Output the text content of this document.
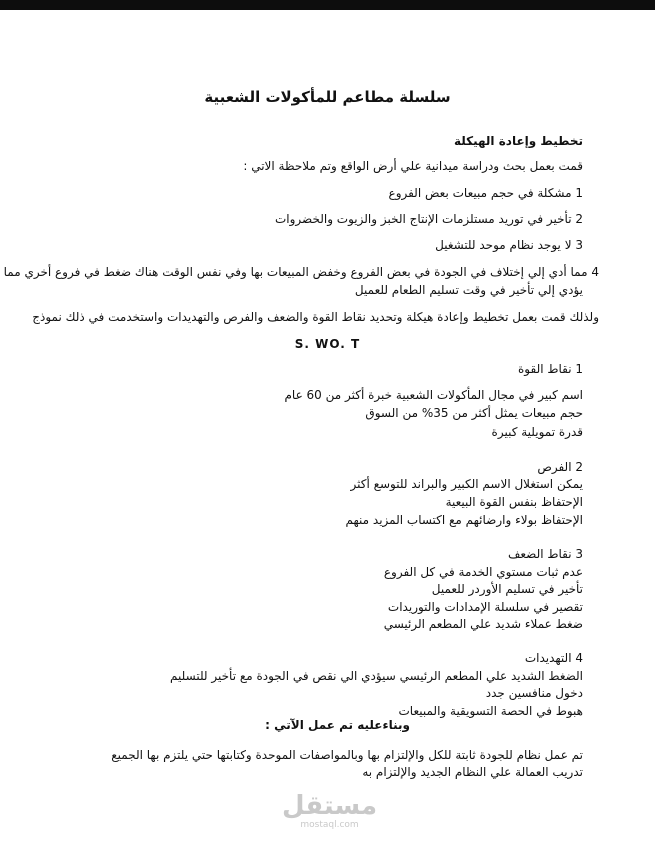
سلسلة مطاعم للمأكولات الشعبية
تخطيط وإعادة الهيكلة
قمت بعمل بحث ودراسة ميدانية علي أرض الواقع وتم ملاحظة الاتي :
1 مشكلة في حجم مبيعات بعض الفروع
2 تأخير في توريد مستلزمات الإنتاج الخبز والزيوت والخضروات
3 لا يوجد نظام موحد للتشغيل
4 مما أدي إلي إختلاف في الجودة في بعض الفروع وخفض المبيعات بها وفي نفس الوقت هناك ضغط في فروع أخري مما
يؤدي إلي تأخير في وقت تسليم الطعام للعميل
ولذلك قمت بعمل تخطيط وإعادة هيكلة وتحديد نقاط القوة والضعف والفرص والتهديدات واستخدمت في ذلك نموذج
S. WO. T
1 نقاط القوة
اسم كبير في مجال المأكولات الشعبية خبرة أكثر من 60 عام
حجم مبيعات يمثل أكثر من 35% من السوق
قدرة تمويلية كبيرة
2 الفرص
يمكن استغلال الاسم الكبير والبراند للتوسع أكثر
الإحتفاظ بنفس القوة البيعية
الإحتفاظ بولاء وارضائهم مع اكتساب المزيد منهم
3 نقاط الضعف
عدم ثبات مستوي الخدمة في كل الفروع
تأخير في تسليم الأوردر للعميل
تقصير في سلسلة الإمدادات والتوريدات
ضغط عملاء شديد علي المطعم الرئيسي
4 التهديدات
الضغط الشديد علي المطعم الرئيسي سيؤدي الي نقص في الجودة مع تأخير للتسليم
دخول منافسين جدد
هبوط في الحصة التسويقية والمبيعات
وبناءعليه تم عمل الآتي :
تم عمل نظام للجودة ثابتة للكل والإلتزام بها وبالمواصفات الموحدة وكتابتها حتي يلتزم بها الجميع
تدريب العمالة علي النظام الجديد والإلتزام به
مستقل
mostaql.com
